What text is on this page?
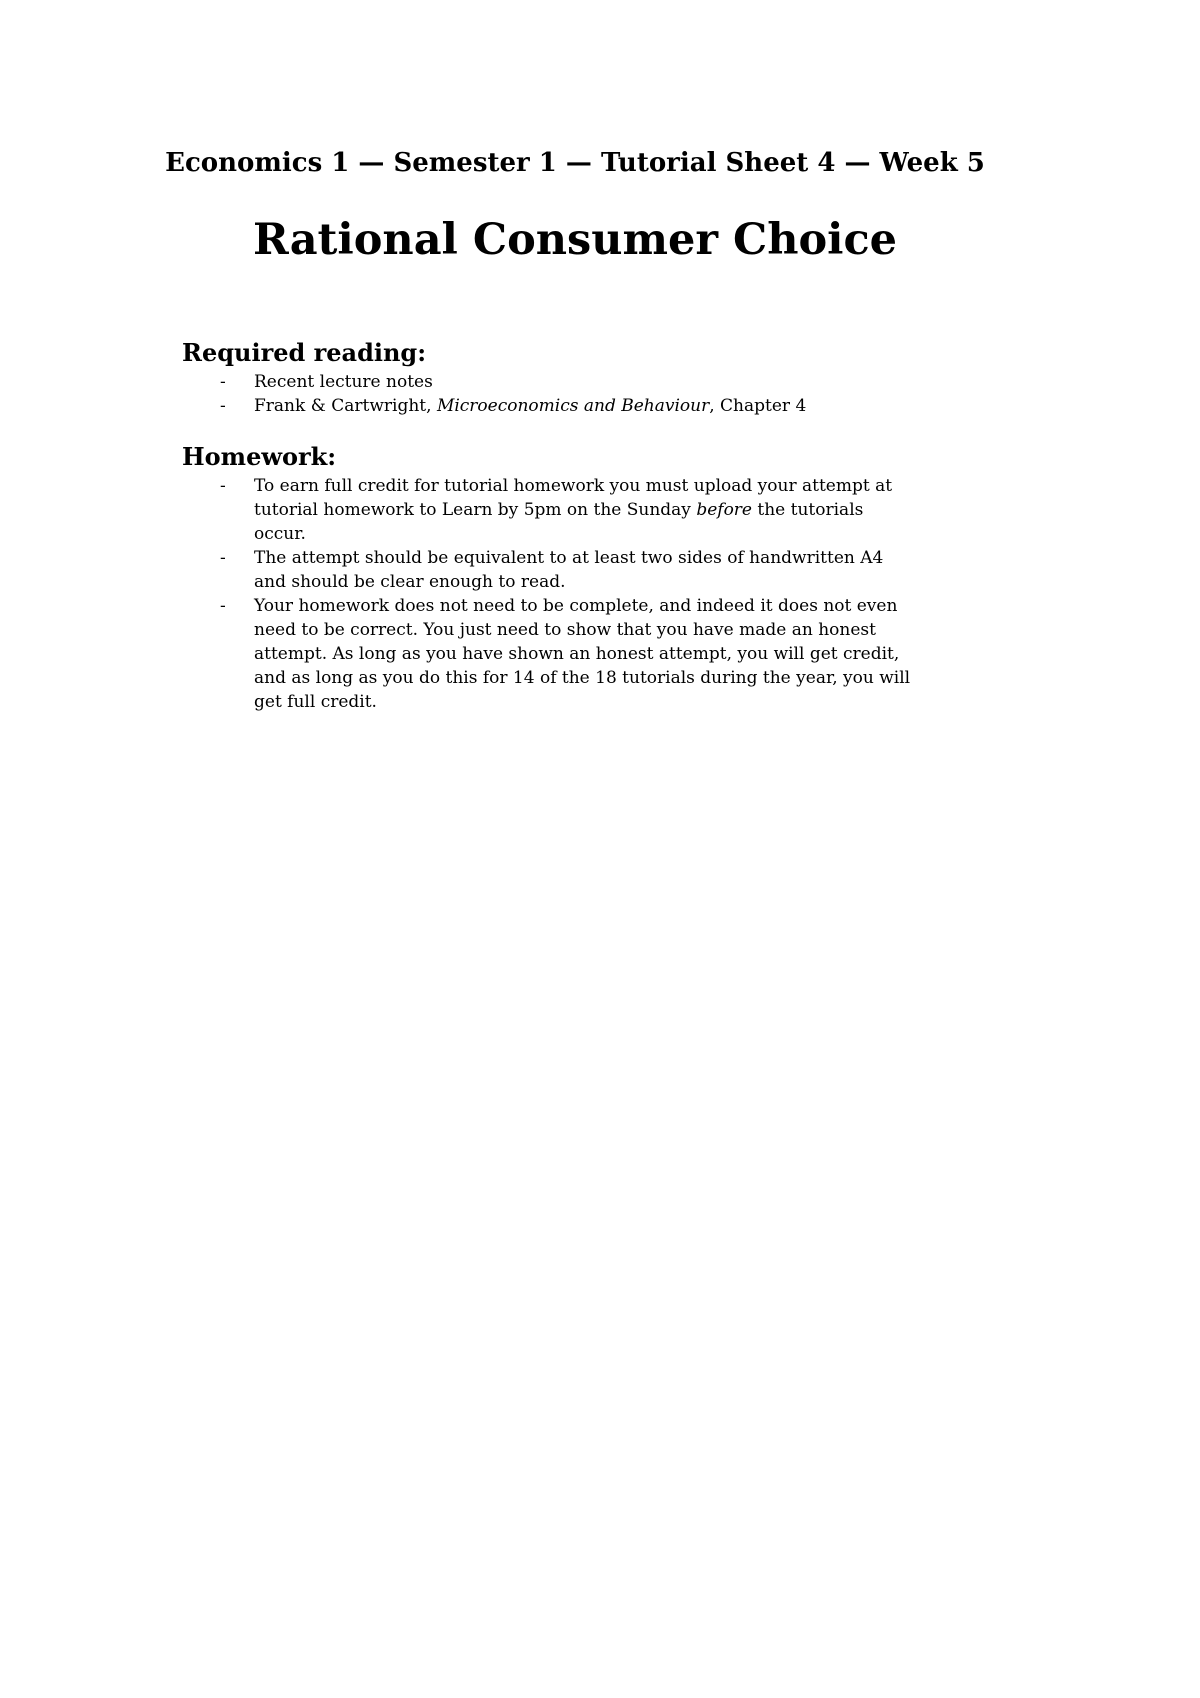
Economics 1 — Semester 1 — Tutorial Sheet 4 — Week 5
Rational Consumer Choice
Required reading:
- Recent lecture notes
- Frank & Cartwright, Microeconomics and Behaviour, Chapter 4
Homework:
- To earn full credit for tutorial homework you must upload your attempt at tutorial homework to Learn by 5pm on the Sunday before the tutorials occur.
- The attempt should be equivalent to at least two sides of handwritten A4 and should be clear enough to read.
- Your homework does not need to be complete, and indeed it does not even need to be correct. You just need to show that you have made an honest attempt. As long as you have shown an honest attempt, you will get credit, and as long as you do this for 14 of the 18 tutorials during the year, you will get full credit.
